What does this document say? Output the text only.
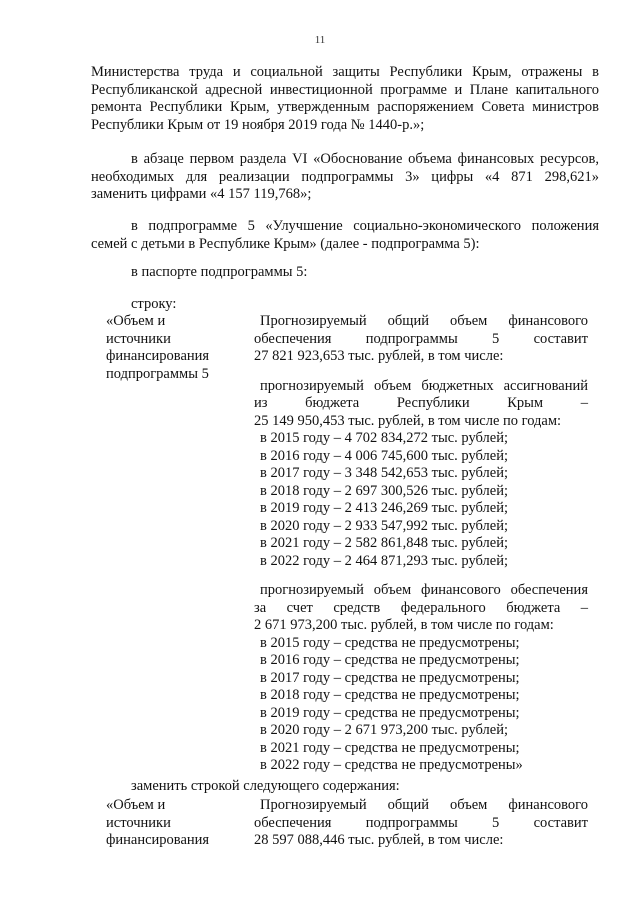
11
Министерства труда и социальной защиты Республики Крым, отражены в
Республиканской адресной инвестиционной программе и Плане капитального
ремонта Республики Крым, утвержденным распоряжением Совета министров
Республики Крым от 19 ноября 2019 года № 1440-р.»;
в абзаце первом раздела VI «Обоснование объема финансовых ресурсов,
необходимых для реализации подпрограммы 3» цифры «4 871 298,621»
заменить цифрами «4 157 119,768»;
в подпрограмме 5 «Улучшение социально-экономического положения
семей с детьми в Республике Крым» (далее - подпрограмма 5):
в паспорте подпрограммы 5:
строку:
«Объем и
источники
финансирования
подпрограммы 5
Прогнозируемый общий объем финансового
обеспечения подпрограммы 5 составит
27 821 923,653 тыс. рублей, в том числе:
прогнозируемый объем бюджетных ассигнований
из бюджета Республики Крым –
25 149 950,453 тыс. рублей, в том числе по годам:
в 2015 году – 4 702 834,272 тыс. рублей;
в 2016 году – 4 006 745,600 тыс. рублей;
в 2017 году – 3 348 542,653 тыс. рублей;
в 2018 году – 2 697 300,526 тыс. рублей;
в 2019 году – 2 413 246,269 тыс. рублей;
в 2020 году – 2 933 547,992 тыс. рублей;
в 2021 году – 2 582 861,848 тыс. рублей;
в 2022 году – 2 464 871,293 тыс. рублей;
прогнозируемый объем финансового обеспечения
за счет средств федерального бюджета –
2 671 973,200 тыс. рублей, в том числе по годам:
в 2015 году – средства не предусмотрены;
в 2016 году – средства не предусмотрены;
в 2017 году – средства не предусмотрены;
в 2018 году – средства не предусмотрены;
в 2019 году – средства не предусмотрены;
в 2020 году – 2 671 973,200 тыс. рублей;
в 2021 году – средства не предусмотрены;
в 2022 году – средства не предусмотрены»
заменить строкой следующего содержания:
«Объем и
источники
финансирования
Прогнозируемый общий объем финансового
обеспечения подпрограммы 5 составит
28 597 088,446 тыс. рублей, в том числе:
